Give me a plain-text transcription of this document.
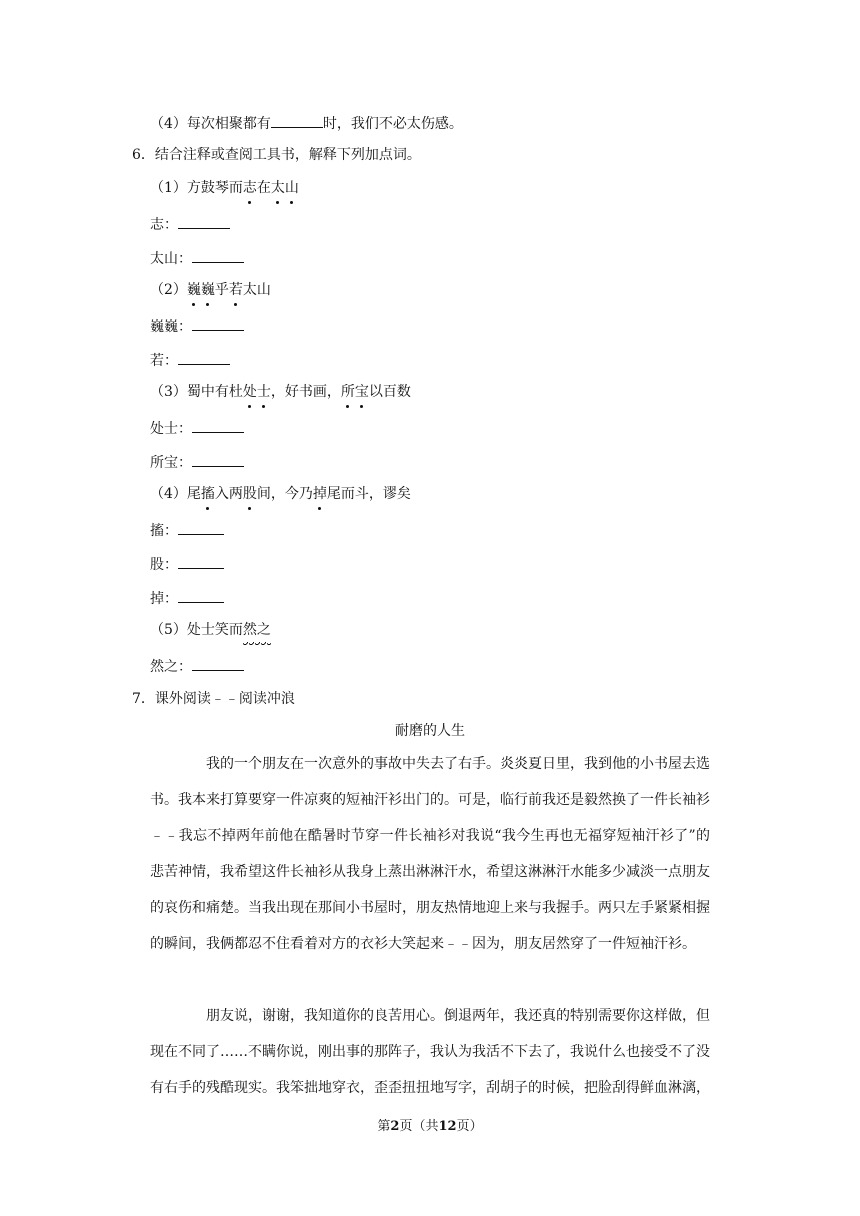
（4）每次相聚都有	时，我们不必太伤感。
6．结合注释或查阅工具书，解释下列加点词。
（1）方鼓琴而志在太山
志：
太山：
（2）巍巍乎若太山
巍巍：
若：
（3）蜀中有杜处士，好书画，所宝以百数
处士：
所宝：
（4）尾搐入两股间，今乃掉尾而斗，谬矣
搐：
股：
掉：
（5）处士笑而然之
然之：
7．课外阅读﹣﹣阅读冲浪
耐磨的人生

我的一个朋友在一次意外的事故中失去了右手。炎炎夏日里，我到他的小书屋去选书。我本来打算要穿一件凉爽的短袖汗衫出门的。可是，临行前我还是毅然换了一件长袖衫﹣﹣我忘不掉两年前他在酷暑时节穿一件长袖衫对我说“我今生再也无福穿短袖汗衫了”的悲苦神情，我希望这件长袖衫从我身上蒸出淋淋汗水，希望这淋淋汗水能多少减淡一点朋友的哀伤和痛楚。当我出现在那间小书屋时，朋友热情地迎上来与我握手。两只左手紧紧相握的瞬间，我俩都忍不住看着对方的衣衫大笑起来﹣﹣因为，朋友居然穿了一件短袖汗衫。

朋友说，谢谢，我知道你的良苦用心。倒退两年，我还真的特别需要你这样做，但现在不同了……不瞒你说，刚出事的那阵子，我认为我活不下去了，我说什么也接受不了没有右手的残酷现实。我笨拙地穿衣，歪歪扭扭地写字，刮胡子的时候，把脸刮得鲜血淋漓，

第2页（共12页）
